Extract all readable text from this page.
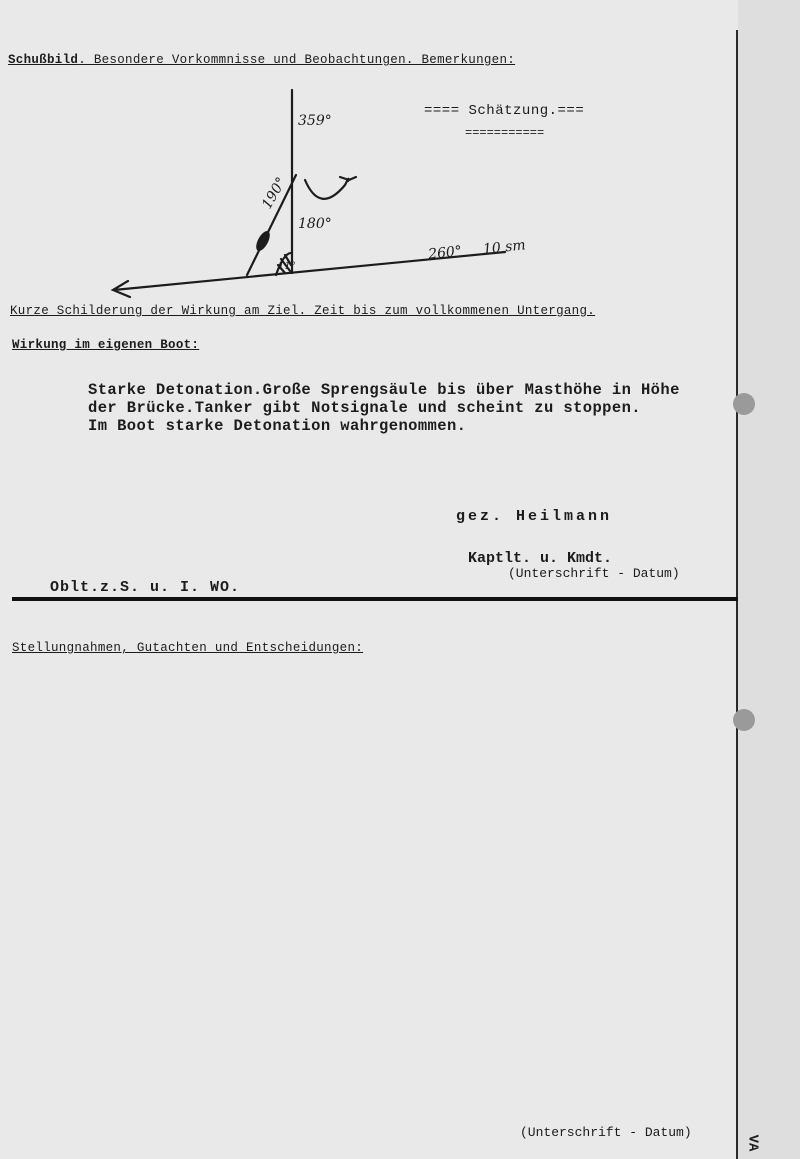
Schußbild. Besondere Vorkommnisse und Beobachtungen. Bemerkungen:
359°
190°
180°
11°
260° 10 sm
==== Schätzung.===
===========
Kurze Schilderung der Wirkung am Ziel. Zeit bis zum vollkommenen Untergang.
Wirkung im eigenen Boot:
Starke Detonation.Große Sprengsäule bis über Masthöhe in Höhe
der Brücke.Tanker gibt Notsignale und scheint zu stoppen.
Im Boot starke Detonation wahrgenommen.
gez. Heilmann
Kaptlt. u. Kmdt.
(Unterschrift - Datum)
Oblt.z.S. u. I. WO.
Stellungnahmen, Gutachten und Entscheidungen:
(Unterschrift - Datum)
VA
